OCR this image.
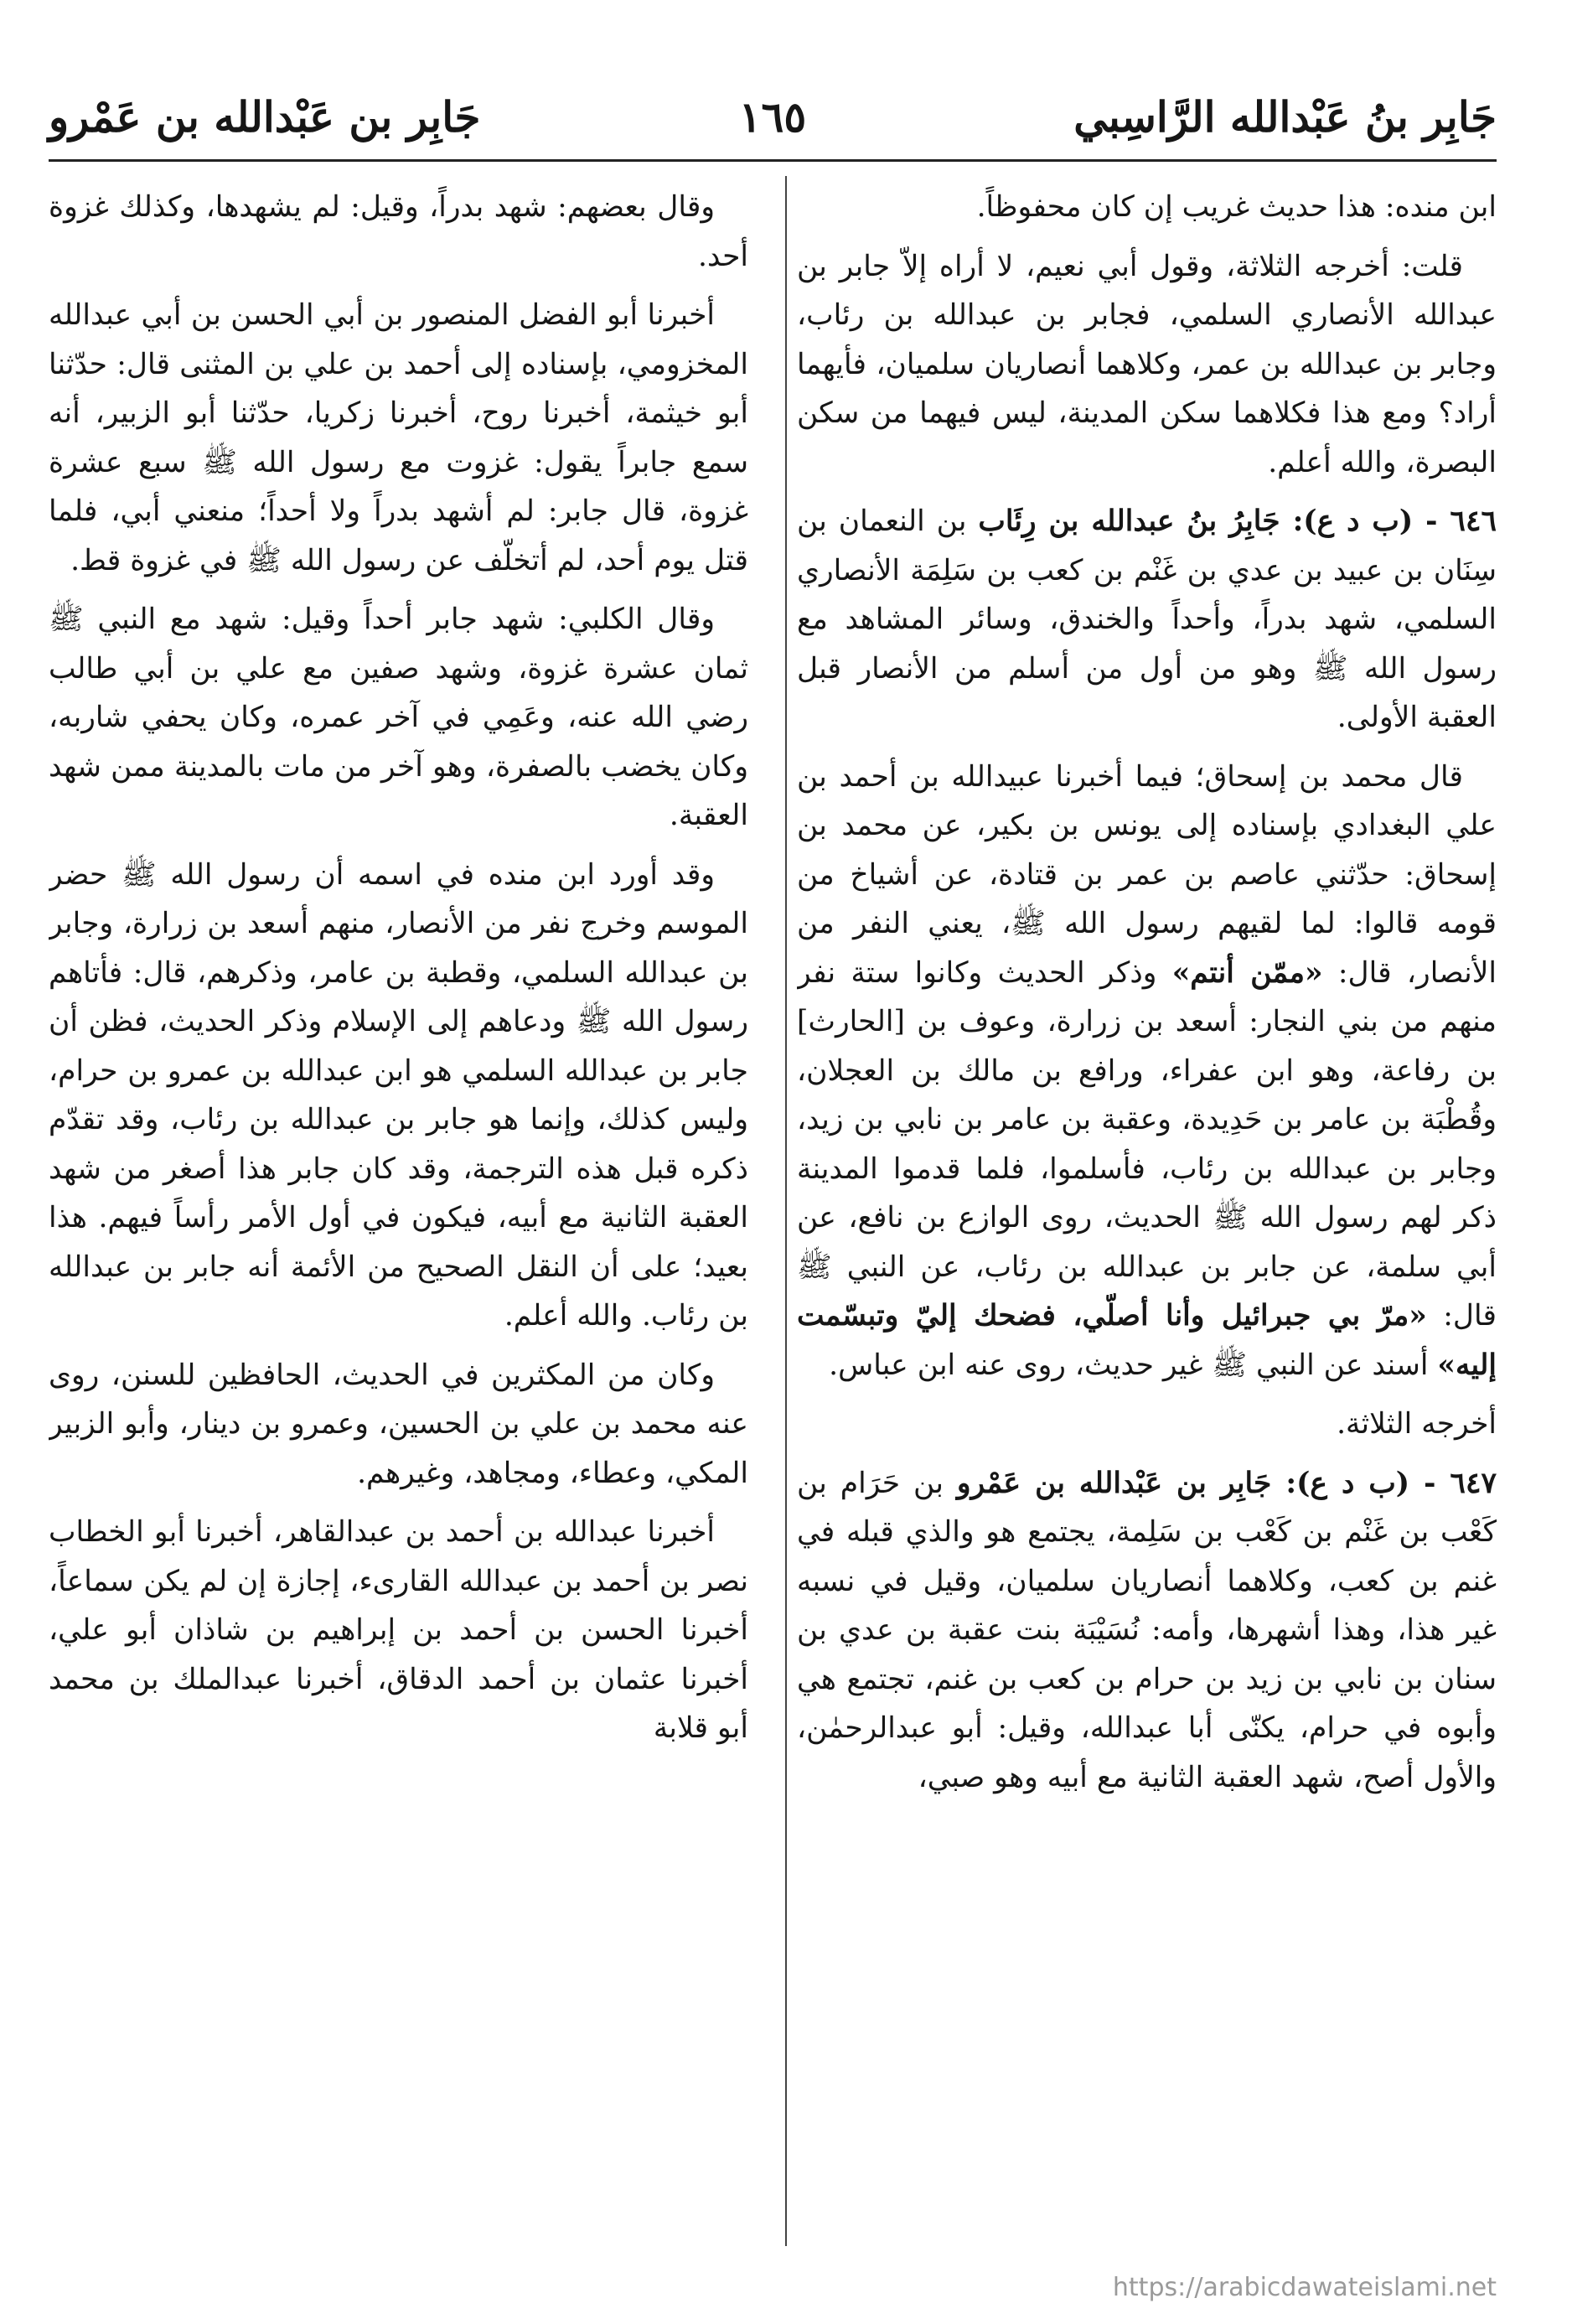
جَابِر بنُ عَبْدالله الرَّاسِبي
١٦٥
جَابِر بن عَبْدالله بن عَمْرو

ابن منده: هذا حديث غريب إن كان محفوظاً.

قلت: أخرجه الثلاثة، وقول أبي نعيم، لا أراه إلاّ جابر بن عبدالله الأنصاري السلمي، فجابر بن عبدالله بن رئاب، وجابر بن عبدالله بن عمر، وكلاهما أنصاريان سلميان، فأيهما أراد؟ ومع هذا فكلاهما سكن المدينة، ليس فيهما من سكن البصرة، والله أعلم.

٦٤٦ - (ب د ع): جَابِرُ بنُ عبدالله بن رِئَاب بن النعمان بن سِنَان بن عبيد بن عدي بن غَنْم بن كعب بن سَلِمَة الأنصاري السلمي، شهد بدراً، وأحداً والخندق، وسائر المشاهد مع رسول الله ﷺ وهو من أول من أسلم من الأنصار قبل العقبة الأولى.

قال محمد بن إسحاق؛ فيما أخبرنا عبيدالله بن أحمد بن علي البغدادي بإسناده إلى يونس بن بكير، عن محمد بن إسحاق: حدّثني عاصم بن عمر بن قتادة، عن أشياخ من قومه قالوا: لما لقيهم رسول الله ﷺ، يعني النفر من الأنصار، قال: «ممّن أنتم» وذكر الحديث وكانوا ستة نفر منهم من بني النجار: أسعد بن زرارة، وعوف بن [الحارث] بن رفاعة، وهو ابن عفراء، ورافع بن مالك بن العجلان، وقُطْبَة بن عامر بن حَدِيدة، وعقبة بن عامر بن نابي بن زيد، وجابر بن عبدالله بن رئاب، فأسلموا، فلما قدموا المدينة ذكر لهم رسول الله ﷺ الحديث، روى الوازع بن نافع، عن أبي سلمة، عن جابر بن عبدالله بن رئاب، عن النبي ﷺ قال: «مرّ بي جبرائيل وأنا أصلّي، فضحك إليّ وتبسّمت إليه» أسند عن النبي ﷺ غير حديث، روى عنه ابن عباس.

أخرجه الثلاثة.

٦٤٧ - (ب د ع): جَابِر بن عَبْدالله بن عَمْرو بن حَرَام بن كَعْب بن غَنْم بن كَعْب بن سَلِمة، يجتمع هو والذي قبله في غنم بن كعب، وكلاهما أنصاريان سلميان، وقيل في نسبه غير هذا، وهذا أشهرها، وأمه: نُسَيْبَة بنت عقبة بن عدي بن سنان بن نابي بن زيد بن حرام بن كعب بن غنم، تجتمع هي وأبوه في حرام، يكنّى أبا عبدالله، وقيل: أبو عبدالرحمٰن، والأول أصح، شهد العقبة الثانية مع أبيه وهو صبي،

وقال بعضهم: شهد بدراً، وقيل: لم يشهدها، وكذلك غزوة أحد.

أخبرنا أبو الفضل المنصور بن أبي الحسن بن أبي عبدالله المخزومي، بإسناده إلى أحمد بن علي بن المثنى قال: حدّثنا أبو خيثمة، أخبرنا روح، أخبرنا زكريا، حدّثنا أبو الزبير، أنه سمع جابراً يقول: غزوت مع رسول الله ﷺ سبع عشرة غزوة، قال جابر: لم أشهد بدراً ولا أحداً؛ منعني أبي، فلما قتل يوم أحد، لم أتخلّف عن رسول الله ﷺ في غزوة قط.

وقال الكلبي: شهد جابر أحداً وقيل: شهد مع النبي ﷺ ثمان عشرة غزوة، وشهد صفين مع علي بن أبي طالب رضي الله عنه، وعَمِي في آخر عمره، وكان يحفي شاربه، وكان يخضب بالصفرة، وهو آخر من مات بالمدينة ممن شهد العقبة.

وقد أورد ابن منده في اسمه أن رسول الله ﷺ حضر الموسم وخرج نفر من الأنصار، منهم أسعد بن زرارة، وجابر بن عبدالله السلمي، وقطبة بن عامر، وذكرهم، قال: فأتاهم رسول الله ﷺ ودعاهم إلى الإسلام وذكر الحديث، فظن أن جابر بن عبدالله السلمي هو ابن عبدالله بن عمرو بن حرام، وليس كذلك، وإنما هو جابر بن عبدالله بن رئاب، وقد تقدّم ذكره قبل هذه الترجمة، وقد كان جابر هذا أصغر من شهد العقبة الثانية مع أبيه، فيكون في أول الأمر رأساً فيهم. هذا بعيد؛ على أن النقل الصحيح من الأئمة أنه جابر بن عبدالله بن رئاب. والله أعلم.

وكان من المكثرين في الحديث، الحافظين للسنن، روى عنه محمد بن علي بن الحسين، وعمرو بن دينار، وأبو الزبير المكي، وعطاء، ومجاهد، وغيرهم.

أخبرنا عبدالله بن أحمد بن عبدالقاهر، أخبرنا أبو الخطاب نصر بن أحمد بن عبدالله القارىء، إجازة إن لم يكن سماعاً، أخبرنا الحسن بن أحمد بن إبراهيم بن شاذان أبو علي، أخبرنا عثمان بن أحمد الدقاق، أخبرنا عبدالملك بن محمد أبو قلابة

https://arabicdawateislami.net
